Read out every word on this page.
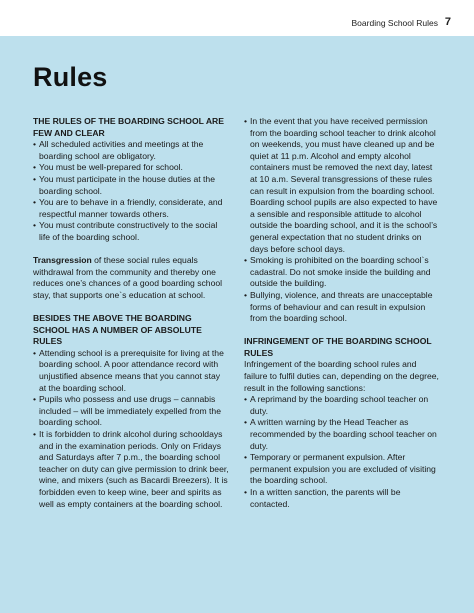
Boarding School Rules 7
Rules

THE RULES OF THE BOARDING SCHOOL ARE FEW AND CLEAR

• All scheduled activities and meetings at the boarding school are obligatory.
• You must be well-prepared for school.
• You must participate in the house duties at the boarding school.
• You are to behave in a friendly, considerate, and respectful manner towards others.
• You must contribute constructively to the social life of the boarding school.

Transgression of these social rules equals withdrawal from the community and thereby one reduces one’s chances of a good boarding school stay, that supports one`s education at school.

BESIDES THE ABOVE THE BOARDING SCHOOL HAS A NUMBER OF ABSOLUTE RULES

• Attending school is a prerequisite for living at the boarding school. A poor attendance record with unjustified absence means that you cannot stay at the boarding school.
• Pupils who possess and use drugs – cannabis included – will be immediately expelled from the boarding school.
• It is forbidden to drink alcohol during schooldays and in the examination periods. Only on Fridays and Saturdays after 7 p.m., the boarding school teacher on duty can give permission to drink beer, wine, and mixers (such as Bacardi Breezers). It is forbidden even to keep wine, beer and spirits as well as empty containers at the boarding school.
• In the event that you have received permission from the boarding school teacher to drink alcohol on weekends, you must have cleaned up and be quiet at 11 p.m. Alcohol and empty alcohol containers must be removed the next day, latest at 10 a.m. Several transgressions of these rules can result in expulsion from the boarding school. Boarding school pupils are also expected to have a sensible and responsible attitude to alcohol outside the boarding school, and it is the school’s general expectation that no student drinks on days before school days.
• Smoking is prohibited on the boarding school`s cadastral. Do not smoke inside the building and outside the building.
• Bullying, violence, and threats are unacceptable forms of behaviour and can result in expulsion from the boarding school.

INFRINGEMENT OF THE BOARDING SCHOOL RULES

Infringement of the boarding school rules and failure to fulfil duties can, depending on the degree, result in the following sanctions:

• A reprimand by the boarding school teacher on duty.
• A written warning by the Head Teacher as recommended by the boarding school teacher on duty.
• Temporary or permanent expulsion. After permanent expulsion you are excluded of visiting the boarding school.
• In a written sanction, the parents will be contacted.
